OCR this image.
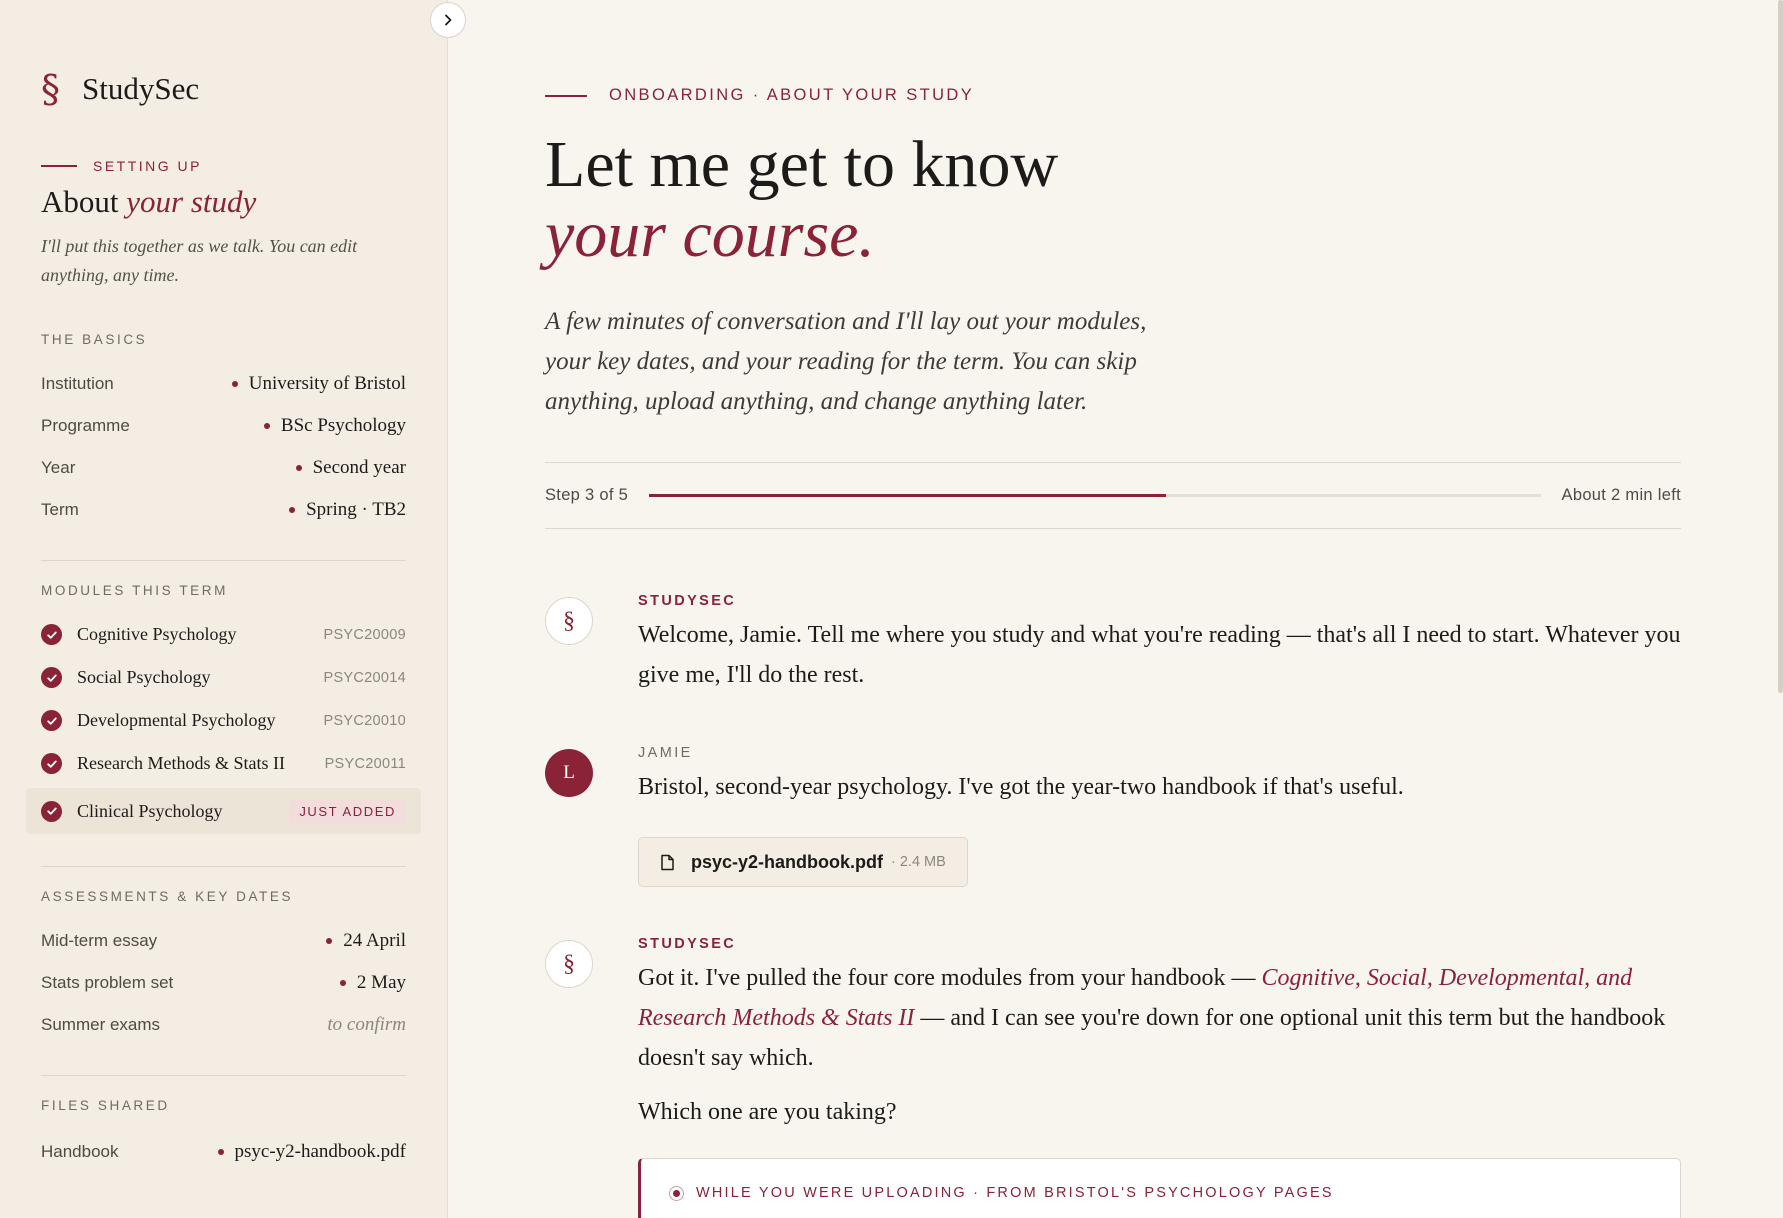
§ StudySec
SETTING UP
About your study

I'll put this together as we talk. You can edit anything, any time.

THE BASICS
Institution	University of Bristol
Programme	BSc Psychology
Year	Second year
Term	Spring · TB2
MODULES THIS TERM
Cognitive Psychology	PSYC20009
Social Psychology	PSYC20014
Developmental Psychology	PSYC20010
Research Methods & Stats II	PSYC20011
Clinical Psychology	JUST ADDED
ASSESSMENTS & KEY DATES
Mid-term essay	24 April
Stats problem set	2 May
Summer exams	to confirm
FILES SHARED
Handbook	psyc-y2-handbook.pdf
ONBOARDING · ABOUT YOUR STUDY
Let me get to know
your course.

A few minutes of conversation and I'll lay out your modules, your key dates, and your reading for the term. You can skip anything, upload anything, and change anything later.

Step 3 of 5	About 2 min left
§
STUDYSEC

Welcome, Jamie. Tell me where you study and what you're reading — that's all I need to start. Whatever you give me, I'll do the rest.

L
JAMIE

Bristol, second-year psychology. I've got the year-two handbook if that's useful.

psyc-y2-handbook.pdf · 2.4 MB
§
STUDYSEC

Got it. I've pulled the four core modules from your handbook — Cognitive, Social, Developmental, and Research Methods & Stats II — and I can see you're down for one optional unit this term but the handbook doesn't say which.

Which one are you taking?

WHILE YOU WERE UPLOADING · FROM BRISTOL'S PSYCHOLOGY PAGES
